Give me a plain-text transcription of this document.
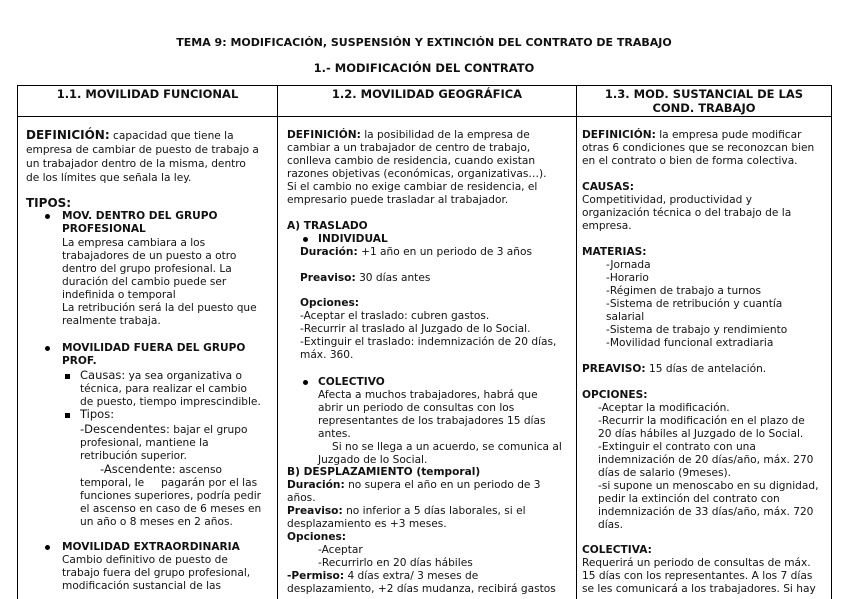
TEMA 9: MODIFICACIÓN, SUSPENSIÓN Y EXTINCIÓN DEL CONTRATO DE TRABAJO
1.- MODIFICACIÓN DEL CONTRATO
1.1. MOVILIDAD FUNCIONAL	1.2. MOVILIDAD GEOGRÁFICA	1.3. MOD. SUSTANCIAL DE LAS
COND. TRABAJO
DEFINICIÓN: capacidad que tiene la
empresa de cambiar de puesto de trabajo a
un trabajador dentro de la misma, dentro
de los límites que señala la ley.
TIPOS:
MOV. DENTRO DEL GRUPO
PROFESIONAL
La empresa cambiara a los
trabajadores de un puesto a otro
dentro del grupo profesional. La
duración del cambio puede ser
indefinida o temporal
La retribución será la del puesto que
realmente trabaja.
MOVILIDAD FUERA DEL GRUPO
PROF.
Causas: ya sea organizativa o
técnica, para realizar el cambio
de puesto, tiempo imprescindible.
Tipos:
-Descendentes: bajar el grupo
profesional, mantiene la
retribución superior.
-Ascendente: ascenso
temporal, le     pagarán por el las
funciones superiores, podría pedir
el ascenso en caso de 6 meses en
un año o 8 meses en 2 años.
MOVILIDAD EXTRAORDINARIA
Cambio definitivo de puesto de
trabajo fuera del grupo profesional,
modificación sustancial de las
DEFINICIÓN: la posibilidad de la empresa de
cambiar a un trabajador de centro de trabajo,
conlleva cambio de residencia, cuando existan
razones objetivas (económicas, organizativas…).
Si el cambio no exige cambiar de residencia, el
empresario puede trasladar al trabajador.
A) TRASLADO
INDIVIDUAL
Duración: +1 año en un periodo de 3 años
Preaviso: 30 días antes
Opciones:
-Aceptar el traslado: cubren gastos.
-Recurrir al traslado al Juzgado de lo Social.
-Extinguir el traslado: indemnización de 20 días,
máx. 360.
COLECTIVO
Afecta a muchos trabajadores, habrá que
abrir un periodo de consultas con los
representantes de los trabajadores 15 días
antes.
Si no se llega a un acuerdo, se comunica al
Juzgado de lo Social.
B) DESPLAZAMIENTO (temporal)
Duración: no supera el año en un periodo de 3
años.
Preaviso: no inferior a 5 días laborales, si el
desplazamiento es +3 meses.
Opciones:
-Aceptar
-Recurrirlo en 20 días hábiles
-Permiso: 4 días extra/ 3 meses de
desplazamiento, +2 días mudanza, recibirá gastos
DEFINICIÓN: la empresa pude modificar
otras 6 condiciones que se reconozcan bien
en el contrato o bien de forma colectiva.
CAUSAS:
Competitividad, productividad y
organización técnica o del trabajo de la
empresa.
MATERIAS:
-Jornada
-Horario
-Régimen de trabajo a turnos
-Sistema de retribución y cuantía
salarial
-Sistema de trabajo y rendimiento
-Movilidad funcional extradiaria
PREAVISO: 15 días de antelación.
OPCIONES:
-Aceptar la modificación.
-Recurrir la modificación en el plazo de
20 días hábiles al Juzgado de lo Social.
-Extinguir el contrato con una
indemnización de 20 días/año, máx. 270
días de salario (9meses).
-si supone un menoscabo en su dignidad,
pedir la extinción del contrato con
indemnización de 33 días/año, máx. 720
días.
COLECTIVA:
Requerirá un periodo de consultas de máx.
15 días con los representantes. A los 7 días
se les comunicará a los trabajadores. Si hay
